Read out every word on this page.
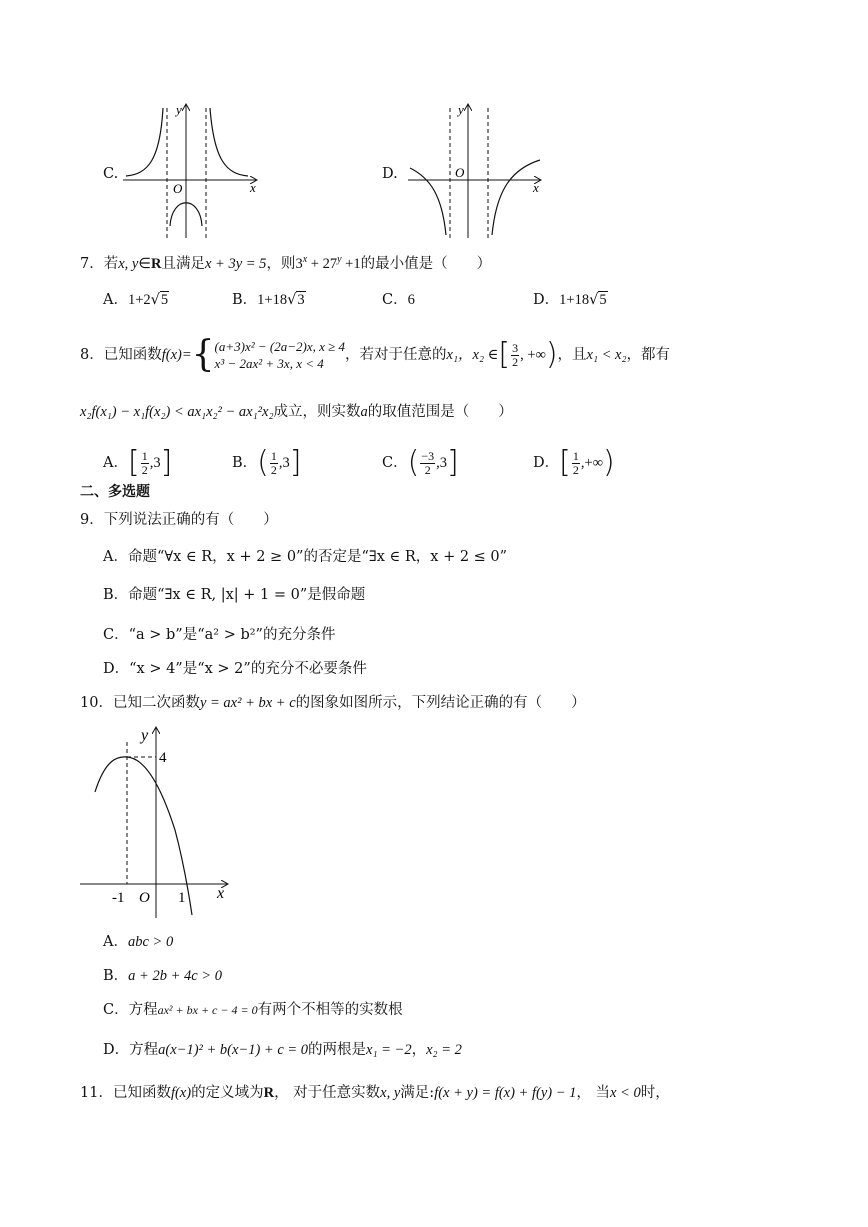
C.
y
x
O
D.
y
x
O
7．若x, y∈R且满足x + 3y = 5，则$3^x + 27^y +1$的最小值是（　　）
A．1+2√5	B．1+18√3	C．6	D．1+18√5
8．已知函数f(x)={ (a+3)x² − (2a−2)x, x ≥ 4
x³ − 2ax² + 3x, x < 4
，若对于任意的x₁，x₂ ∈[ $\frac{3}{2}$ , +∞)，且x₁ < x₂，都有
x₂f(x₁) − x₁f(x₂) < ax₁x₂² − ax₁²x₂成立，则实数a的取值范围是（　　）
A．[ $\frac{1}{2} ,3$]	B．( $\frac{1}{2} ,3$]	C．( $\frac{-3}{2} ,3$]	D．[ $\frac{1}{2}$ ,+∞)
二、多选题
9．下列说法正确的有（　　）
A．命题“∀x ∈ R，x + 2 ≥ 0”的否定是“∃x ∈ R，x + 2 ≤ 0”
B．命题“∃x ∈ R, |x| + 1 = 0”是假命题
C．“a > b”是“a² > b²”的充分条件
D．“x > 4”是“x > 2”的充分不必要条件
10．已知二次函数y = ax² + bx + c的图象如图所示，下列结论正确的有（　　）
y
x
O
4
-1	1
A．abc > 0
B．a + 2b + 4c > 0
C．方程ax² + bx + c − 4 = 0有两个不相等的实数根
D．方程a(x−1)² + b(x−1) + c = 0的两根是x₁ = −2，x₂ = 2
11．已知函数f(x)的定义域为R， 对于任意实数x, y满足:f(x + y) = f(x) + f(y) − 1， 当x < 0时，
